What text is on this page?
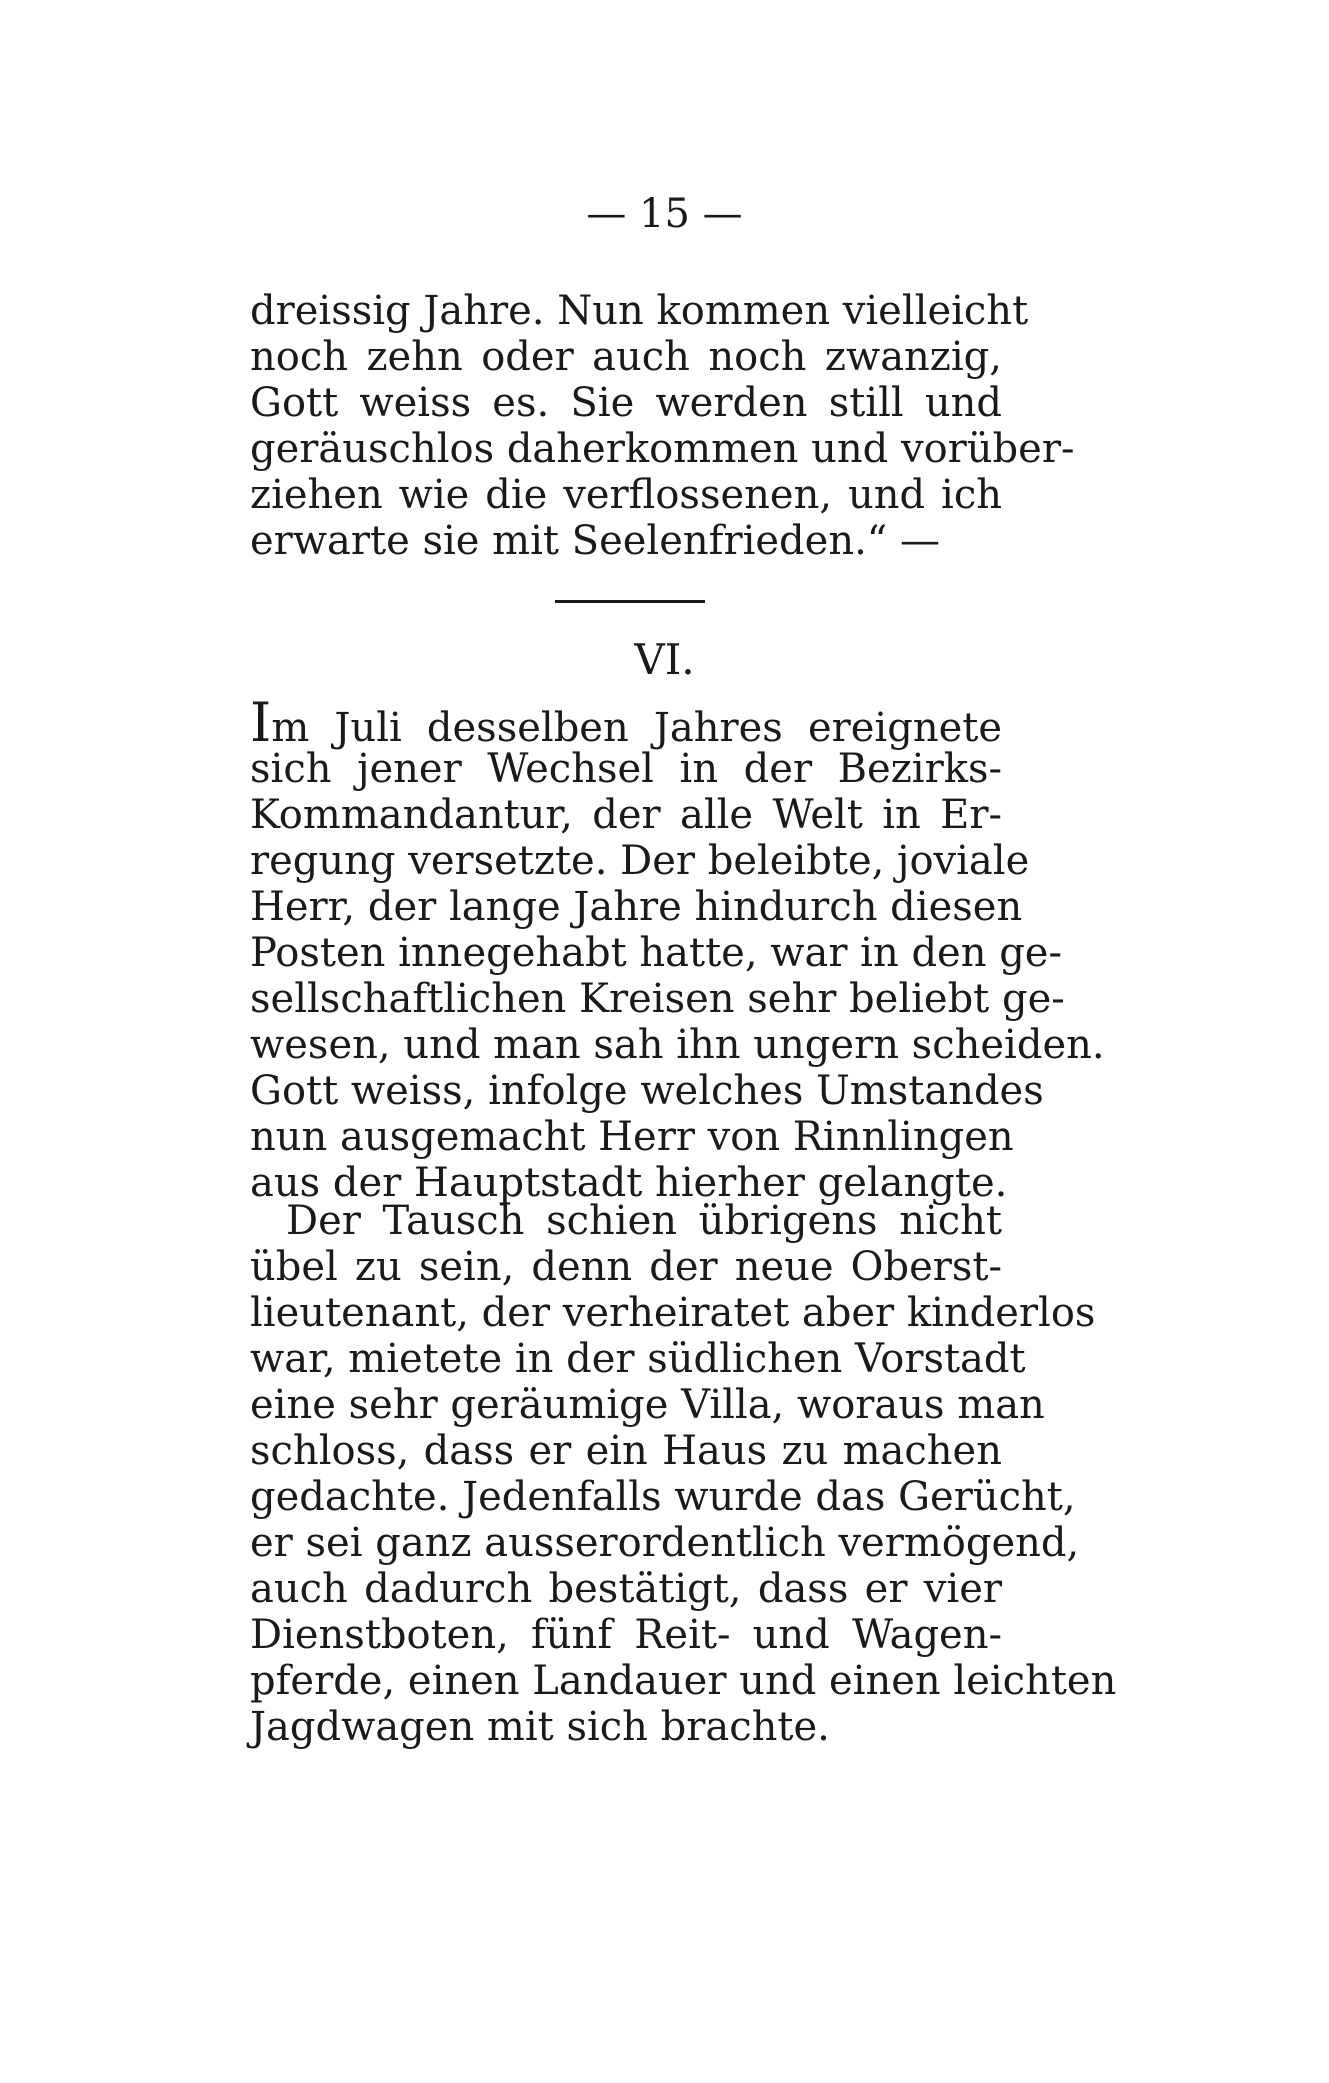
— 15 —
dreissig Jahre. Nun kommen vielleicht
noch zehn oder auch noch zwanzig,
Gott weiss es. Sie werden still und
geräuschlos daherkommen und vorüber-
ziehen wie die verflossenen, und ich
erwarte sie mit Seelenfrieden.“ —
VI.
Im Juli desselben Jahres ereignete
sich jener Wechsel in der Bezirks-
Kommandantur, der alle Welt in Er-
regung versetzte. Der beleibte, joviale
Herr, der lange Jahre hindurch diesen
Posten innegehabt hatte, war in den ge-
sellschaftlichen Kreisen sehr beliebt ge-
wesen, und man sah ihn ungern scheiden.
Gott weiss, infolge welches Umstandes
nun ausgemacht Herr von Rinnlingen
aus der Hauptstadt hierher gelangte.
Der Tausch schien übrigens nicht
übel zu sein, denn der neue Oberst-
lieutenant, der verheiratet aber kinderlos
war, mietete in der südlichen Vorstadt
eine sehr geräumige Villa, woraus man
schloss, dass er ein Haus zu machen
gedachte. Jedenfalls wurde das Gerücht,
er sei ganz ausserordentlich vermögend,
auch dadurch bestätigt, dass er vier
Dienstboten, fünf Reit- und Wagen-
pferde, einen Landauer und einen leichten
Jagdwagen mit sich brachte.
